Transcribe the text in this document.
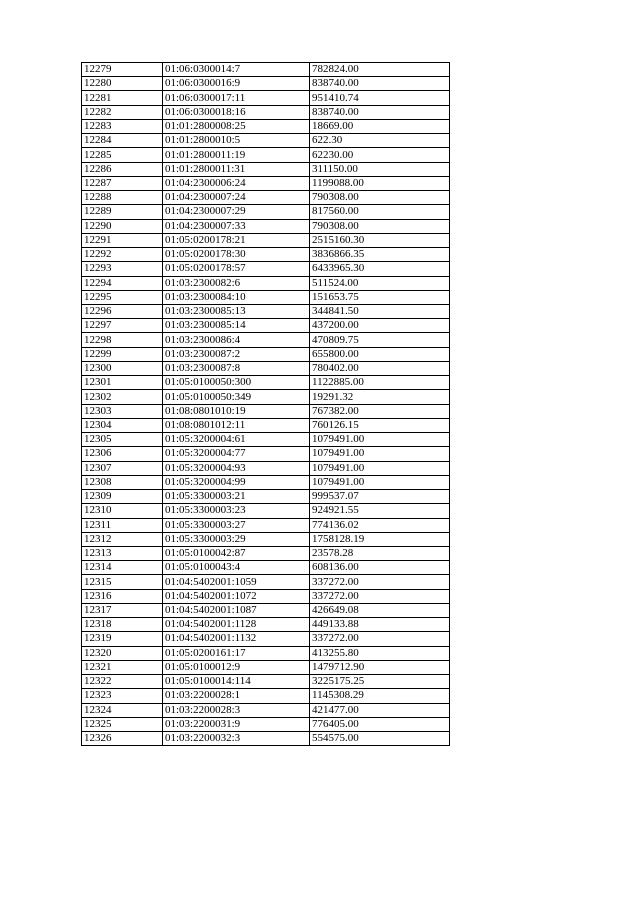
12279	01:06:0300014:7	782824.00
12280	01:06:0300016:9	838740.00
12281	01:06:0300017:11	951410.74
12282	01:06:0300018:16	838740.00
12283	01:01:2800008:25	18669.00
12284	01:01:2800010:5	622.30
12285	01:01:2800011:19	62230.00
12286	01:01:2800011:31	311150.00
12287	01:04:2300006:24	1199088.00
12288	01:04:2300007:24	790308.00
12289	01:04:2300007:29	817560.00
12290	01:04:2300007:33	790308.00
12291	01:05:0200178:21	2515160.30
12292	01:05:0200178:30	3836866.35
12293	01:05:0200178:57	6433965.30
12294	01:03:2300082:6	511524.00
12295	01:03:2300084:10	151653.75
12296	01:03:2300085:13	344841.50
12297	01:03:2300085:14	437200.00
12298	01:03:2300086:4	470809.75
12299	01:03:2300087:2	655800.00
12300	01:03:2300087:8	780402.00
12301	01:05:0100050:300	1122885.00
12302	01:05:0100050:349	19291.32
12303	01:08:0801010:19	767382.00
12304	01:08:0801012:11	760126.15
12305	01:05:3200004:61	1079491.00
12306	01:05:3200004:77	1079491.00
12307	01:05:3200004:93	1079491.00
12308	01:05:3200004:99	1079491.00
12309	01:05:3300003:21	999537.07
12310	01:05:3300003:23	924921.55
12311	01:05:3300003:27	774136.02
12312	01:05:3300003:29	1758128.19
12313	01:05:0100042:87	23578.28
12314	01:05:0100043:4	608136.00
12315	01:04:5402001:1059	337272.00
12316	01:04:5402001:1072	337272.00
12317	01:04:5402001:1087	426649.08
12318	01:04:5402001:1128	449133.88
12319	01:04:5402001:1132	337272.00
12320	01:05:0200161:17	413255.80
12321	01:05:0100012:9	1479712.90
12322	01:05:0100014:114	3225175.25
12323	01:03:2200028:1	1145308.29
12324	01:03:2200028:3	421477.00
12325	01:03:2200031:9	776405.00
12326	01:03:2200032:3	554575.00
